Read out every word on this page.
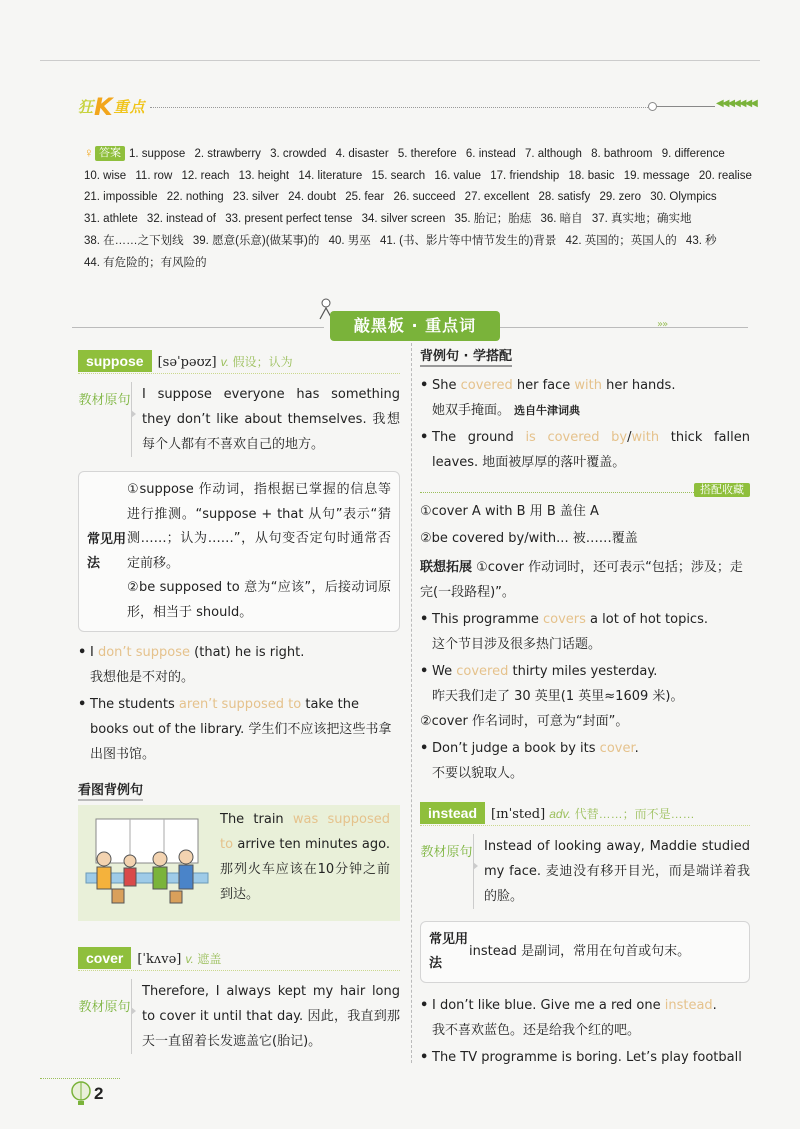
狂K重点	◀◀◀◀◀◀◀
♀ 答案 1. suppose 2. strawberry 3. crowded 4. disaster 5. therefore 6. instead 7. although 8. bathroom 9. difference 10. wise 11. row 12. reach 13. height 14. literature 15. search 16. value 17. friendship 18. basic 19. message 20. realise 21. impossible 22. nothing 23. silver 24. doubt 25. fear 26. succeed 27. excellent 28. satisfy 29. zero 30. Olympics 31. athlete 32. instead of 33. present perfect tense 34. silver screen 35. 胎记；胎痣 36. 暗自 37. 真实地；确实地 38. 在……之下划线 39. 愿意(乐意)(做某事)的 40. 男巫 41. (书、影片等中情节发生的)背景 42. 英国的；英国人的 43. 秒 44. 有危险的；有风险的
»»
敲黑板 · 重点词
suppose [səˈpəʊz] v. 假设；认为
教材原句 I suppose everyone has something they don’t like about themselves. 我想每个人都有不喜欢自己的地方。
常见用法
①suppose 作动词，指根据已掌握的信息等进行推测。“suppose + that 从句”表示“猜测……；认为……”，从句变否定句时通常否定前移。
②be supposed to 意为“应该”，后接动词原形，相当于 should。
• I don’t suppose (that) he is right.
我想他是不对的。
• The students aren’t supposed to take the books out of the library. 学生们不应该把这些书拿出图书馆。
看图背例句
The train was supposed to arrive ten minutes ago. 那列火车应该在10分钟之前到达。
cover [ˈkʌvə] v. 遮盖
教材原句
Therefore, I always kept my hair long to cover it until that day. 因此，我直到那天一直留着长发遮盖它(胎记)。
背例句 · 学搭配
• She covered her face with her hands.
她双手掩面。 选自牛津词典
• The ground is covered by/with thick fallen leaves. 地面被厚厚的落叶覆盖。
搭配收藏
①cover A with B 用 B 盖住 A
②be covered by/with... 被……覆盖
联想拓展 ①cover 作动词时，还可表示“包括；涉及；走完(一段路程)”。
• This programme covers a lot of hot topics.
这个节目涉及很多热门话题。
• We covered thirty miles yesterday.
昨天我们走了 30 英里(1 英里≈1609 米)。
②cover 作名词时，可意为“封面”。
• Don’t judge a book by its cover.
不要以貌取人。
instead [ɪnˈsted] adv. 代替……；而不是……
教材原句 Instead of looking away, Maddie studied my face. 麦迪没有移开目光，而是端详着我的脸。
常见用法
instead 是副词，常用在句首或句末。
• I don’t like blue. Give me a red one instead.
我不喜欢蓝色。还是给我个红的吧。
• The TV programme is boring. Let’s play football
2
